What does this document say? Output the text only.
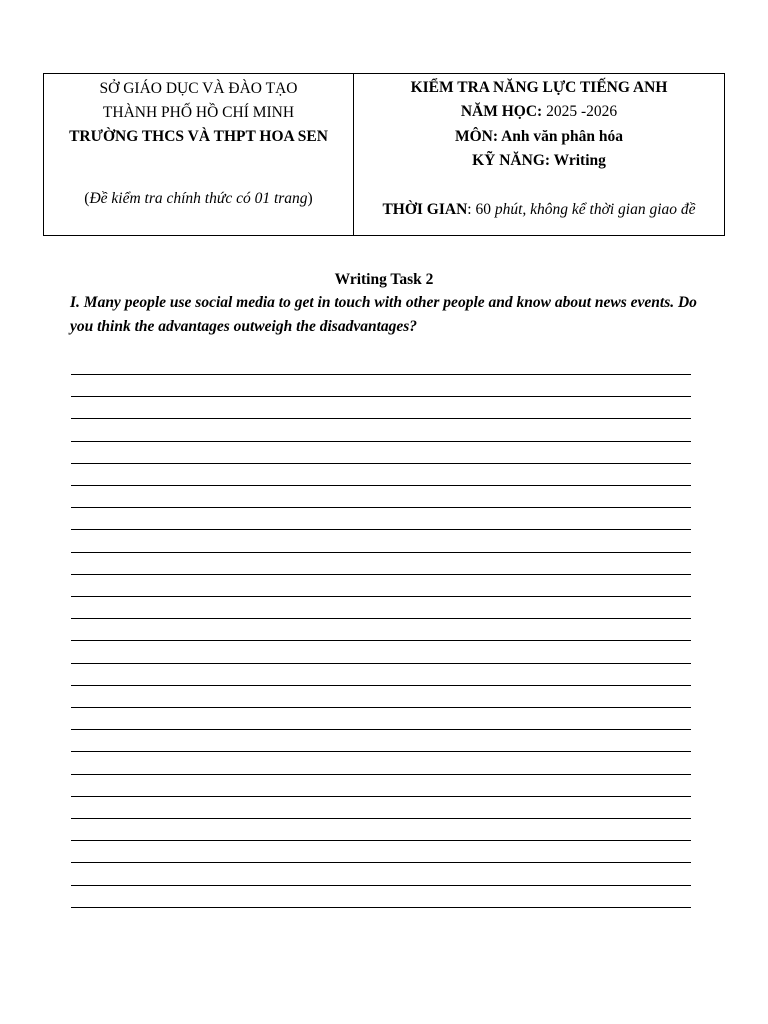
SỞ GIÁO DỤC VÀ ĐÀO TẠO
THÀNH PHỐ HỒ CHÍ MINH
TRƯỜNG THCS VÀ THPT HOA SEN
(Đề kiểm tra chính thức có 01 trang)
KIỂM TRA NĂNG LỰC TIẾNG ANH
NĂM HỌC: 2025 -2026
MÔN: Anh văn phân hóa
KỸ NĂNG: Writing
THỜI GIAN: 60 phút, không kể thời gian giao đề
Writing Task 2
I. Many people use social media to get in touch with other people and know about news events. Do you think the advantages outweigh the disadvantages?
